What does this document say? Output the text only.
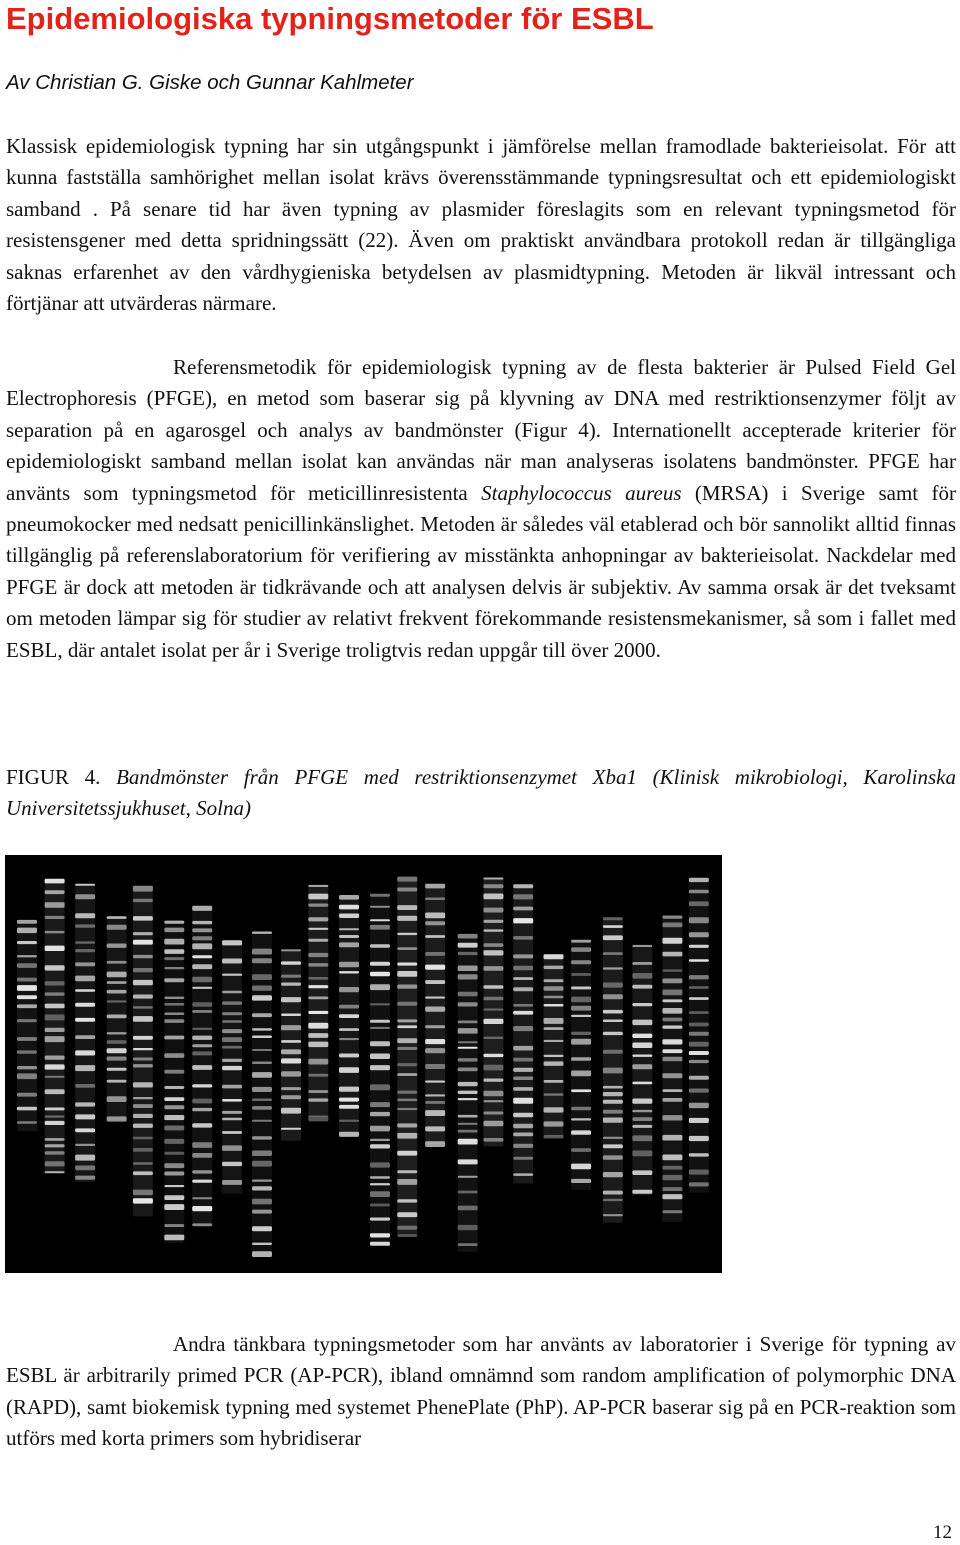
Epidemiologiska typningsmetoder för ESBL
Av Christian G. Giske och Gunnar Kahlmeter

Klassisk epidemiologisk typning har sin utgångspunkt i jämförelse mellan framodlade bakterieisolat. För att kunna fastställa samhörighet mellan isolat krävs överensstämmande typningsresultat och ett epidemiologiskt samband . På senare tid har även typning av plasmider föreslagits som en relevant typningsmetod för resistensgener med detta spridningssätt (22). Även om praktiskt användbara protokoll redan är tillgängliga saknas erfarenhet av den vårdhygieniska betydelsen av plasmidtypning. Metoden är likväl intressant och förtjänar att utvärderas närmare.

Referensmetodik för epidemiologisk typning av de flesta bakterier är Pulsed Field Gel Electrophoresis (PFGE), en metod som baserar sig på klyvning av DNA med restriktionsenzymer följt av separation på en agarosgel och analys av bandmönster (Figur 4). Internationellt accepterade kriterier för epidemiologiskt samband mellan isolat kan användas när man analyseras isolatens bandmönster. PFGE har använts som typningsmetod för meticillinresistenta Staphylococcus aureus (MRSA) i Sverige samt för pneumokocker med nedsatt penicillinkänslighet. Metoden är således väl etablerad och bör sannolikt alltid finnas tillgänglig på referenslaboratorium för verifiering av misstänkta anhopningar av bakterieisolat. Nackdelar med PFGE är dock att metoden är tidkrävande och att analysen delvis är subjektiv. Av samma orsak är det tveksamt om metoden lämpar sig för studier av relativt frekvent förekommande resistensmekanismer, så som i fallet med ESBL, där antalet isolat per år i Sverige troligtvis redan uppgår till över 2000.

FIGUR 4. Bandmönster från PFGE med restriktionsenzymet Xba1 (Klinisk mikrobiologi, Karolinska Universitetssjukhuset, Solna)

Andra tänkbara typningsmetoder som har använts av laboratorier i Sverige för typning av ESBL är arbitrarily primed PCR (AP-PCR), ibland omnämnd som random amplification of polymorphic DNA (RAPD), samt biokemisk typning med systemet PhenePlate (PhP). AP-PCR baserar sig på en PCR-reaktion som utförs med korta primers som hybridiserar

12
